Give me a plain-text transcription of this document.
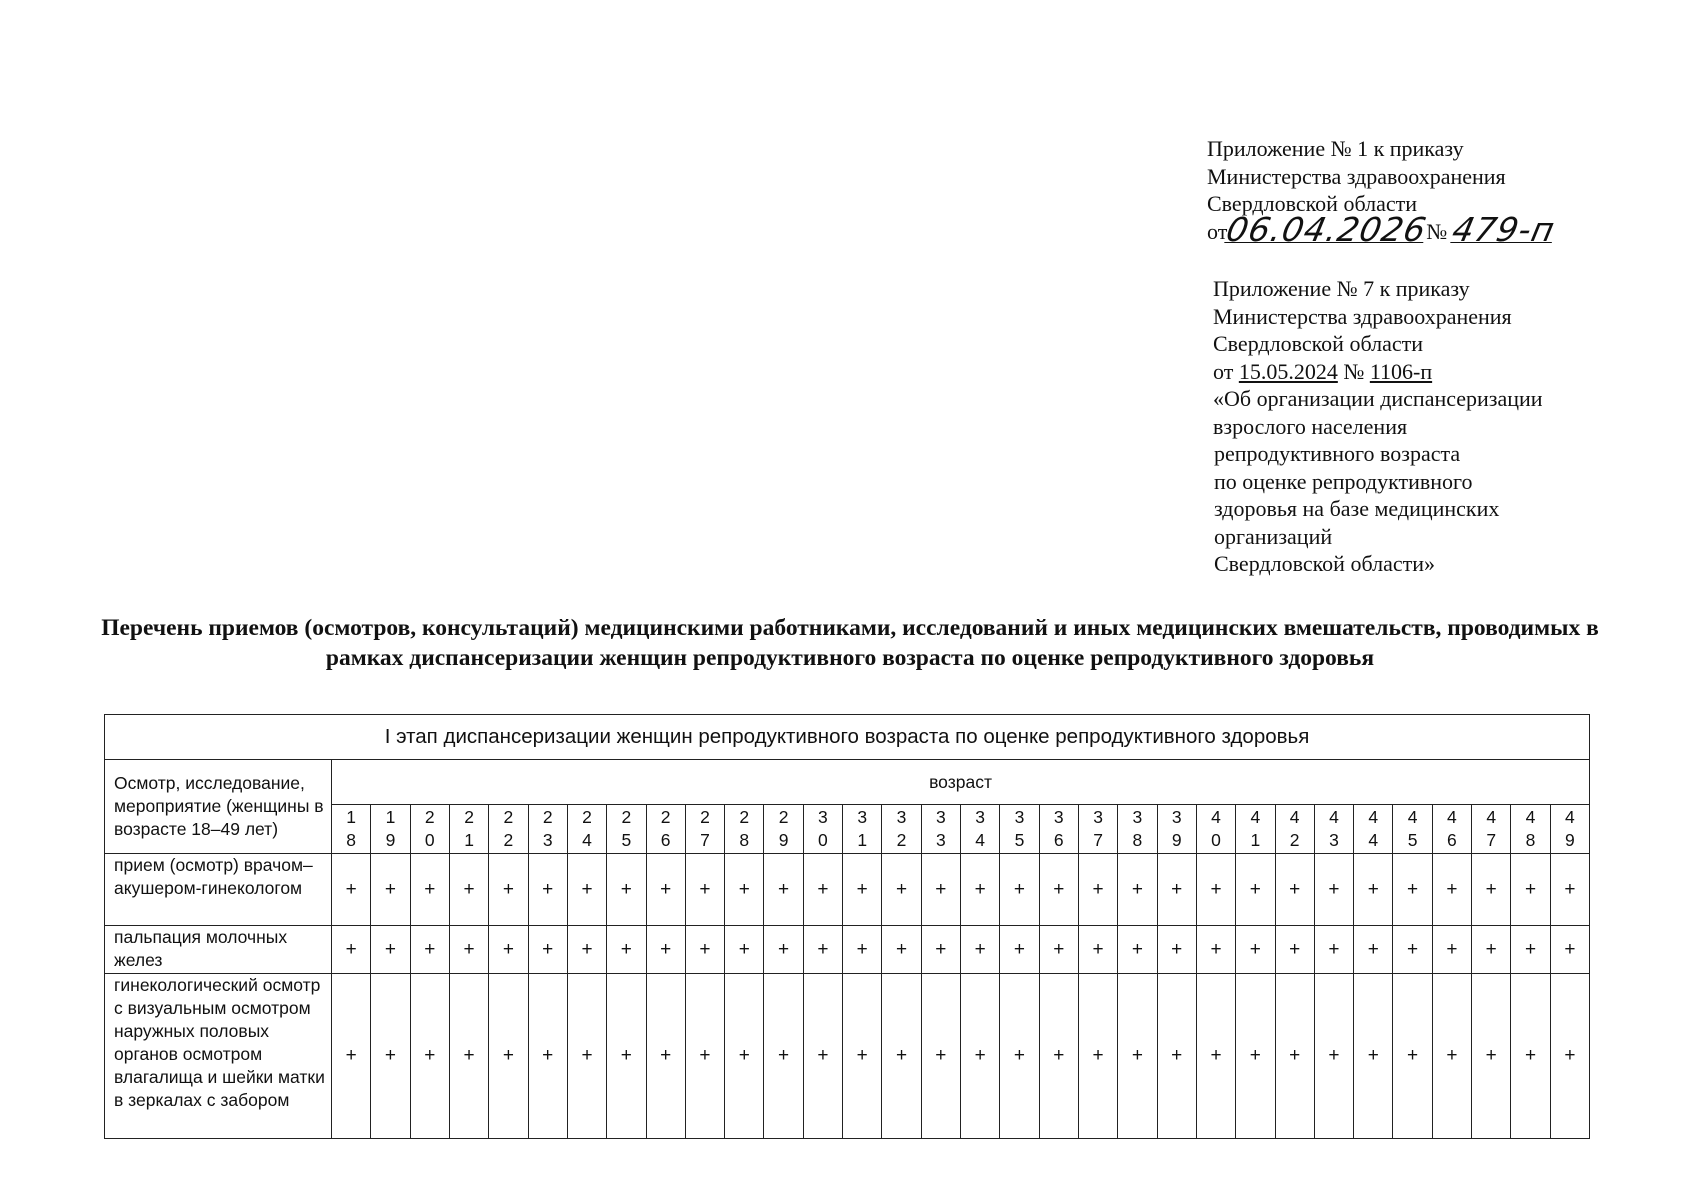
Приложение № 1 к приказу
Министерства здравоохранения
Свердловской области
от06.04.2026№ 479-п
Приложение № 7 к приказу
Министерства здравоохранения
Свердловской области
от 15.05.2024 № 1106-п
«Об организации диспансеризации
взрослого населения
репродуктивного возраста
по оценке репродуктивного
здоровья на базе медицинских
организаций
Свердловской области»
Перечень приемов (осмотров, консультаций) медицинскими работниками, исследований и иных медицинских вмешательств, проводимых в рамках диспансеризации женщин репродуктивного возраста по оценке репродуктивного здоровья
I этап диспансеризации женщин репродуктивного возраста по оценке репродуктивного здоровья																																
Осмотр, исследование, мероприятие (женщины в возрасте 18–49 лет)	возраст																															
	18	19	20	21	22	23	24	25	26	27	28	29	30	31	32	33	34	35	36	37	38	39	40	41	42	43	44	45	46	47	48	49
прием (осмотр) врачом– акушером-гинекологом	+	+	+	+	+	+	+	+	+	+	+	+	+	+	+	+	+	+	+	+	+	+	+	+	+	+	+	+	+	+	+	+
пальпация молочных желез	+	+	+	+	+	+	+	+	+	+	+	+	+	+	+	+	+	+	+	+	+	+	+	+	+	+	+	+	+	+	+	+
гинекологический осмотр с визуальным осмотром наружных половых органов осмотром влагалища и шейки матки в зеркалах с забором	+	+	+	+	+	+	+	+	+	+	+	+	+	+	+	+	+	+	+	+	+	+	+	+	+	+	+	+	+	+	+	+
